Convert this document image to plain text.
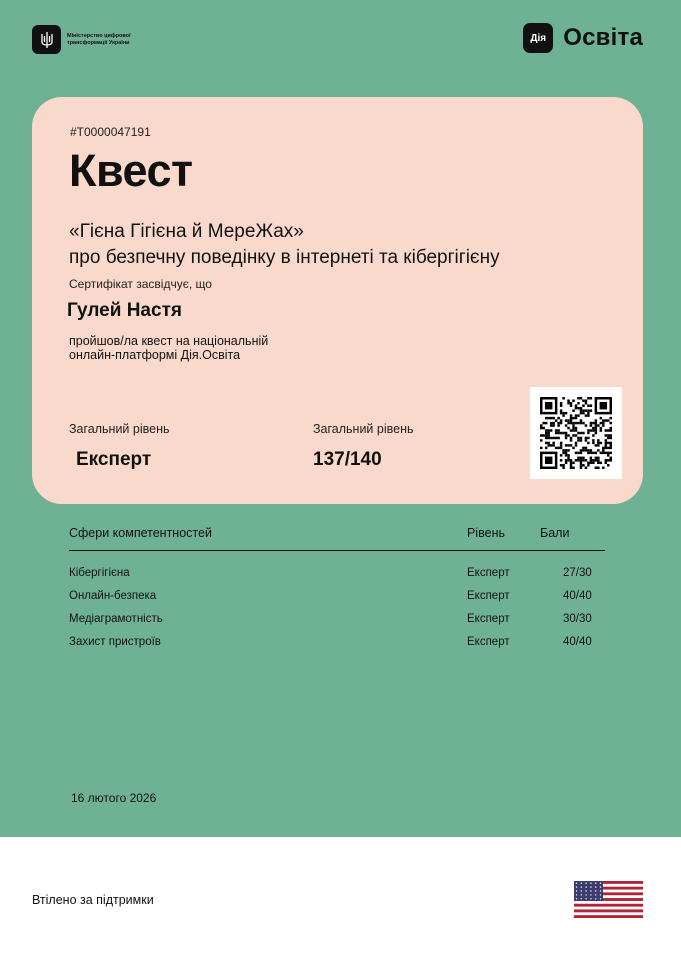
Міністерство цифрової трансформації України	Дія Освіта
#T0000047191
Квест
«Гієна Гігієна й МереЖах»
про безпечну поведінку в інтернеті та кібергігієну
Сертифікат засвідчує, що
Гулей Настя
пройшов/ла квест на національній
онлайн-платформі Дія.Освіта
Загальний рівень	Загальний рівень
Експерт	137/140
Сфери компетентностей	Рівень	Бали
Кібергігієна	Експерт	27/30
Онлайн-безпека	Експерт	40/40
Медіаграмотність	Експерт	30/30
Захист пристроїв	Експерт	40/40
16 лютого 2026
Втілено за підтримки
